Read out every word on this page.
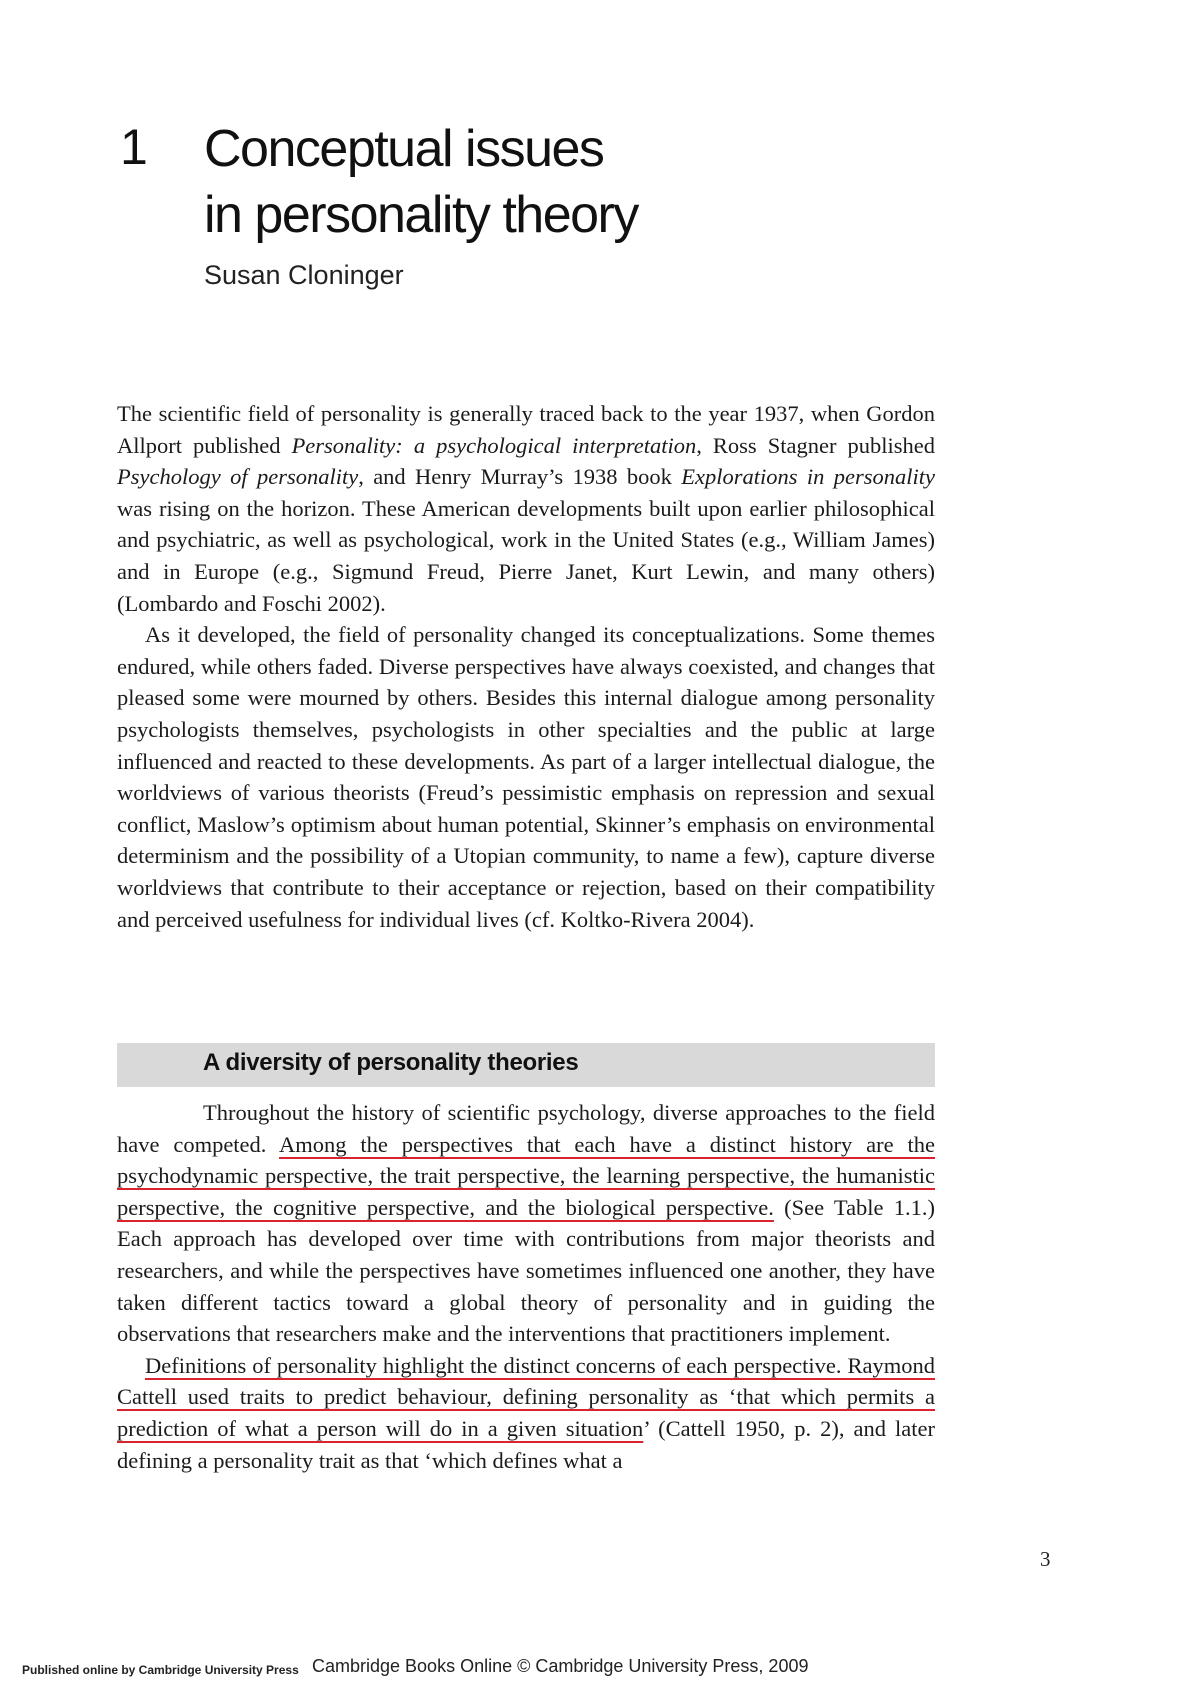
1 Conceptual issues
in personality theory
Susan Cloninger

The scientific field of personality is generally traced back to the year 1937, when Gordon Allport published Personality: a psychological interpretation, Ross Stagner published Psychology of personality, and Henry Murray’s 1938 book Explorations in personality was rising on the horizon. These American developments built upon earlier philosophical and psychiatric, as well as psychological, work in the United States (e.g., William James) and in Europe (e.g., Sigmund Freud, Pierre Janet, Kurt Lewin, and many others) (Lombardo and Foschi 2002).

As it developed, the field of personality changed its conceptualizations. Some themes endured, while others faded. Diverse perspectives have always coexisted, and changes that pleased some were mourned by others. Besides this internal dialogue among personality psychologists themselves, psychologists in other specialties and the public at large influenced and reacted to these developments. As part of a larger intellectual dialogue, the worldviews of various theorists (Freud’s pessimistic emphasis on repression and sexual conflict, Maslow’s optimism about human potential, Skinner’s emphasis on environmental determinism and the possibility of a Utopian community, to name a few), capture diverse worldviews that contribute to their acceptance or rejection, based on their compatibility and perceived usefulness for individual lives (cf. Koltko-Rivera 2004).

A diversity of personality theories

Throughout the history of scientific psychology, diverse approaches to the field have competed. Among the perspectives that each have a distinct history are the psychodynamic perspective, the trait perspective, the learning perspective, the humanistic perspective, the cognitive perspective, and the biological perspective. (See Table 1.1.) Each approach has developed over time with contributions from major theorists and researchers, and while the perspectives have sometimes influenced one another, they have taken different tactics toward a global theory of personality and in guiding the observations that researchers make and the interventions that practitioners implement.

Definitions of personality highlight the distinct concerns of each perspective. Raymond Cattell used traits to predict behaviour, defining personality as ‘that which permits a prediction of what a person will do in a given situation’ (Cattell 1950, p. 2), and later defining a personality trait as that ‘which defines what a

3
Published online by Cambridge University Press Cambridge Books Online © Cambridge University Press, 2009
